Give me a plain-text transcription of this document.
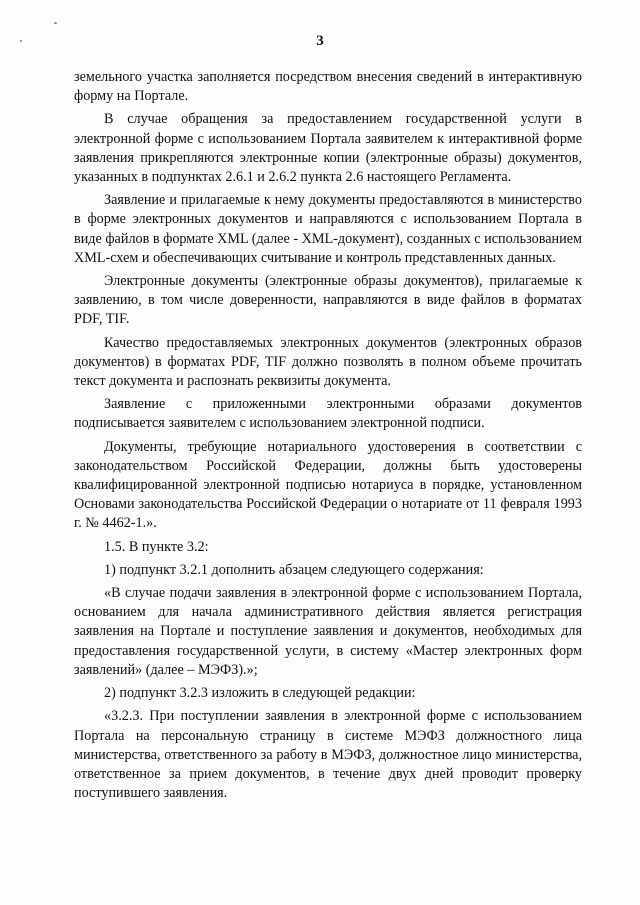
3

земельного участка заполняется посредством внесения сведений в интерактивную форму на Портале.

В случае обращения за предоставлением государственной услуги в электронной форме с использованием Портала заявителем к интерактивной форме заявления прикрепляются электронные копии (электронные образы) документов, указанных в подпунктах 2.6.1 и 2.6.2 пункта 2.6 настоящего Регламента.

Заявление и прилагаемые к нему документы предоставляются в министерство в форме электронных документов и направляются с использованием Портала в виде файлов в формате XML (далее - XML-документ), созданных с использованием XML-схем и обеспечивающих считывание и контроль представленных данных.

Электронные документы (электронные образы документов), прилагаемые к заявлению, в том числе доверенности, направляются в виде файлов в форматах PDF, TIF.

Качество предоставляемых электронных документов (электронных образов документов) в форматах PDF, TIF должно позволять в полном объеме прочитать текст документа и распознать реквизиты документа.

Заявление с приложенными электронными образами документов подписывается заявителем с использованием электронной подписи.

Документы, требующие нотариального удостоверения в соответствии с законодательством Российской Федерации, должны быть удостоверены квалифицированной электронной подписью нотариуса в порядке, установленном Основами законодательства Российской Федерации о нотариате от 11 февраля 1993 г. № 4462-1.».

1.5. В пункте 3.2:

1) подпункт 3.2.1 дополнить абзацем следующего содержания:

«В случае подачи заявления в электронной форме с использованием Портала, основанием для начала административного действия является регистрация заявления на Портале и поступление заявления и документов, необходимых для предоставления государственной услуги, в систему «Мастер электронных форм заявлений» (далее – МЭФЗ).»;

2) подпункт 3.2.3 изложить в следующей редакции:

«3.2.3. При поступлении заявления в электронной форме с использованием Портала на персональную страницу в системе МЭФЗ должностного лица министерства, ответственного за работу в МЭФЗ, должностное лицо министерства, ответственное за прием документов, в течение двух дней проводит проверку поступившего заявления.
